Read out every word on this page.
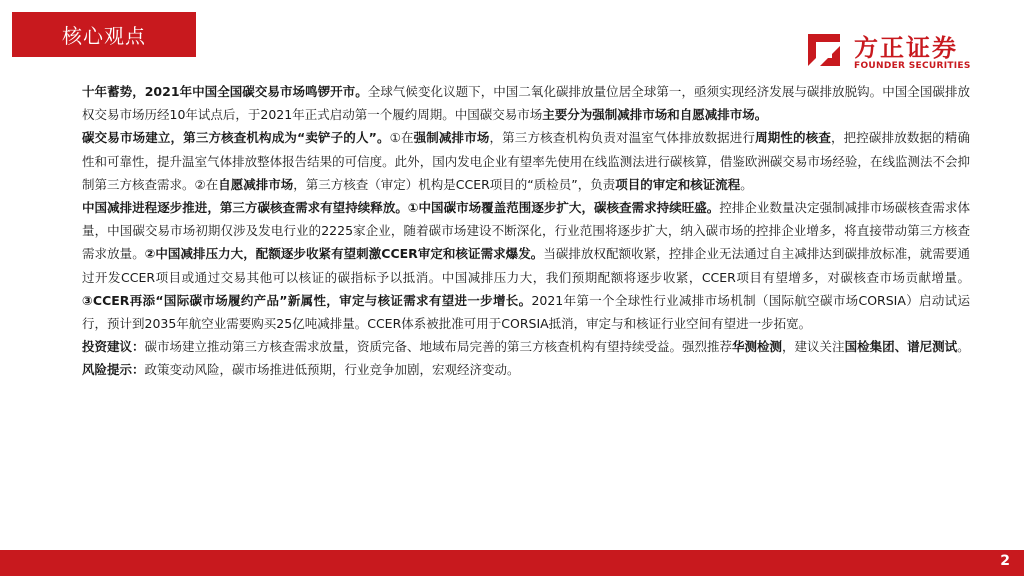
核心观点	方正证券
FOUNDER SECURITIES

十年蓄势，2021年中国全国碳交易市场鸣锣开市。全球气候变化议题下，中国二氧化碳排放量位居全球第一，亟须实现经济发展与碳排放脱钩。中国全国碳排放权交易市场历经10年试点后，于2021年正式启动第一个履约周期。中国碳交易市场主要分为强制减排市场和自愿减排市场。

碳交易市场建立，第三方核查机构成为“卖铲子的人”。①在强制减排市场，第三方核查机构负责对温室气体排放数据进行周期性的核查，把控碳排放数据的精确性和可靠性，提升温室气体排放整体报告结果的可信度。此外，国内发电企业有望率先使用在线监测法进行碳核算，借鉴欧洲碳交易市场经验，在线监测法不会抑制第三方核查需求。②在自愿减排市场，第三方核查（审定）机构是CCER项目的“质检员”，负责项目的审定和核证流程。

中国减排进程逐步推进，第三方碳核查需求有望持续释放。①中国碳市场覆盖范围逐步扩大，碳核查需求持续旺盛。控排企业数量决定强制减排市场碳核查需求体量，中国碳交易市场初期仅涉及发电行业的2225家企业，随着碳市场建设不断深化，行业范围将逐步扩大，纳入碳市场的控排企业增多，将直接带动第三方核查需求放量。②中国减排压力大，配额逐步收紧有望刺激CCER审定和核证需求爆发。当碳排放权配额收紧，控排企业无法通过自主减排达到碳排放标准，就需要通过开发CCER项目或通过交易其他可以核证的碳指标予以抵消。中国减排压力大，我们预期配额将逐步收紧，CCER项目有望增多，对碳核查市场贡献增量。③CCER再添“国际碳市场履约产品”新属性，审定与核证需求有望进一步增长。2021年第一个全球性行业减排市场机制（国际航空碳市场CORSIA）启动试运行，预计到2035年航空业需要购买25亿吨减排量。CCER体系被批准可用于CORSIA抵消，审定与和核证行业空间有望进一步拓宽。

投资建议：碳市场建立推动第三方核查需求放量，资质完备、地域布局完善的第三方核查机构有望持续受益。强烈推荐华测检测，建议关注国检集团、谱尼测试。

风险提示：政策变动风险，碳市场推进低预期，行业竞争加剧，宏观经济变动。

2
